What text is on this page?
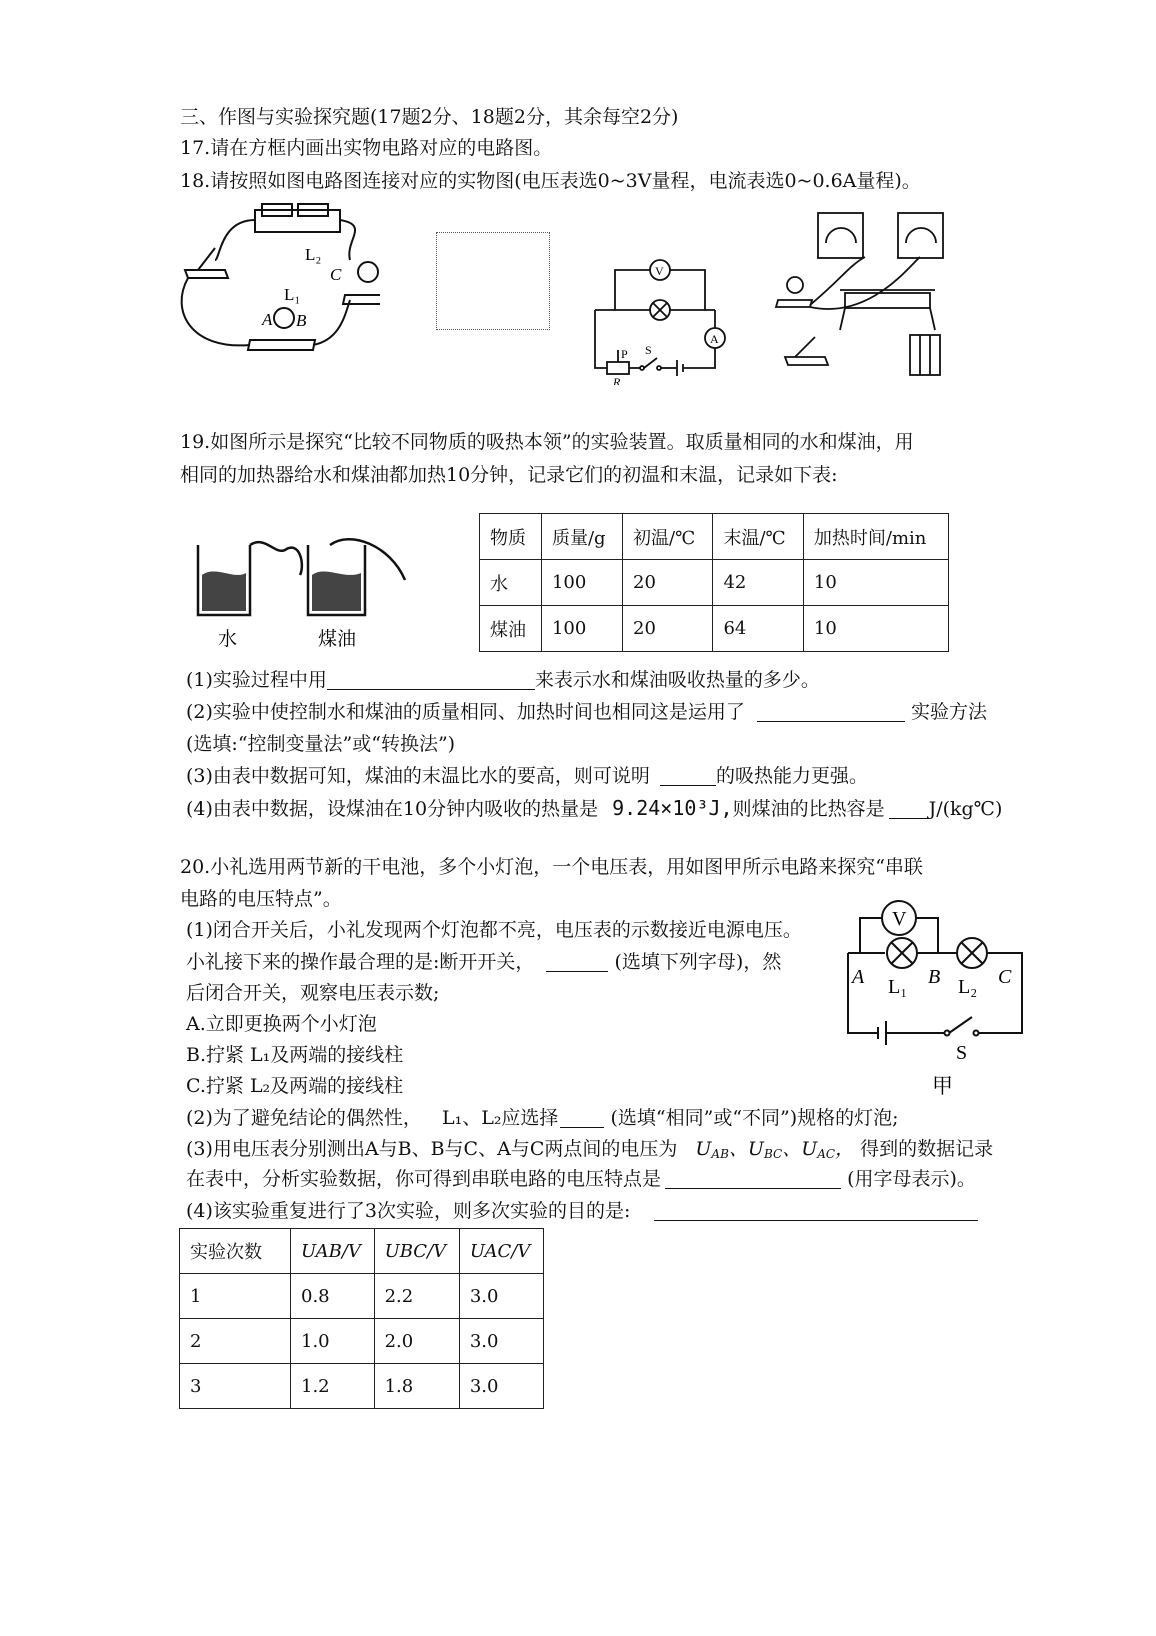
三、作图与实验探究题(17题2分、18题2分，其余每空2分)
17.请在方框内画出实物电路对应的电路图。
18.请按照如图电路图连接对应的实物图(电压表选0~3V量程，电流表选0~0.6A量程)。
L₂
C
L₁
A B
V
A
P S
R
19.如图所示是探究“比较不同物质的吸热本领”的实验装置。取质量相同的水和煤油，用
相同的加热器给水和煤油都加热10分钟，记录它们的初温和末温，记录如下表:
水	煤油
物质	质量/g	初温/℃	末温/℃	加热时间/min
水	100	20	42	10
煤油	100	20	64	10
(1)实验过程中用	来表示水和煤油吸收热量的多少。
(2)实验中使控制水和煤油的质量相同、加热时间也相同这是运用了	实验方法
(选填:“控制变量法”或“转换法”)
(3)由表中数据可知，煤油的末温比水的要高，则可说明	的吸热能力更强。
(4)由表中数据，设煤油在10分钟内吸收的热量是 9.24×10³J,则煤油的比热容是 J/(kg℃)
20.小礼选用两节新的干电池，多个小灯泡，一个电压表，用如图甲所示电路来探究“串联
电路的电压特点”。
(1)闭合开关后，小礼发现两个灯泡都不亮，电压表的示数接近电源电压。
小礼接下来的操作最合理的是:断开开关，	(选填下列字母)，然
后闭合开关，观察电压表示数;
A.立即更换两个小灯泡
B.拧紧 L₁及两端的接线柱
C.拧紧 L₂及两端的接线柱
V
A	B	C
L₁	L₂
S
甲
(2)为了避免结论的偶然性， L₁、L₂应选择	(选填“相同”或“不同”)规格的灯泡;
(3)用电压表分别测出A与B、B与C、A与C两点间的电压为 $U_{AB}$、$U_{BC}$、$U_{AC}$， 得到的数据记录
在表中，分析实验数据，你可得到串联电路的电压特点是	(用字母表示)。
(4)该实验重复进行了3次实验，则多次实验的目的是:
实验次数	UAB/V	UBC/V	UAC/V
1	0.8	2.2	3.0
2	1.0	2.0	3.0
3	1.2	1.8	3.0
